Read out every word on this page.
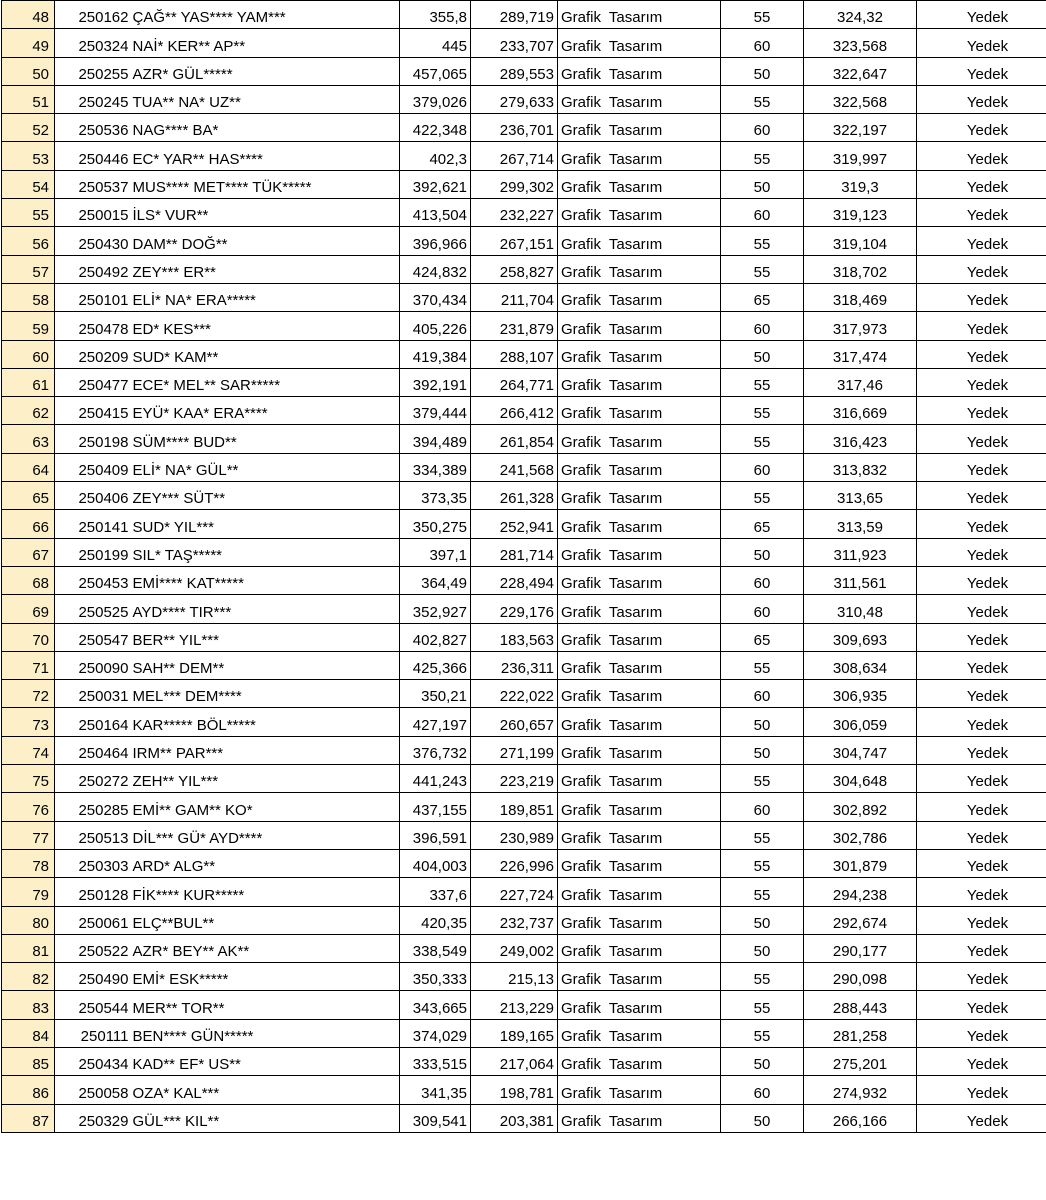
48	250162	ÇAĞ** YAS**** YAM***	355,8	289,719	Grafik Tasarım	55	324,32	Yedek
49	250324	NAİ* KER** AP**	445	233,707	Grafik Tasarım	60	323,568	Yedek
50	250255	AZR* GÜL*****	457,065	289,553	Grafik Tasarım	50	322,647	Yedek
51	250245	TUA** NA* UZ**	379,026	279,633	Grafik Tasarım	55	322,568	Yedek
52	250536	NAG**** BA*	422,348	236,701	Grafik Tasarım	60	322,197	Yedek
53	250446	EC* YAR** HAS****	402,3	267,714	Grafik Tasarım	55	319,997	Yedek
54	250537	MUS**** MET**** TÜK*****	392,621	299,302	Grafik Tasarım	50	319,3	Yedek
55	250015	İLS* VUR**	413,504	232,227	Grafik Tasarım	60	319,123	Yedek
56	250430	DAM** DOĞ**	396,966	267,151	Grafik Tasarım	55	319,104	Yedek
57	250492	ZEY*** ER**	424,832	258,827	Grafik Tasarım	55	318,702	Yedek
58	250101	ELİ* NA* ERA*****	370,434	211,704	Grafik Tasarım	65	318,469	Yedek
59	250478	ED* KES***	405,226	231,879	Grafik Tasarım	60	317,973	Yedek
60	250209	SUD* KAM**	419,384	288,107	Grafik Tasarım	50	317,474	Yedek
61	250477	ECE* MEL** SAR*****	392,191	264,771	Grafik Tasarım	55	317,46	Yedek
62	250415	EYÜ* KAA* ERA****	379,444	266,412	Grafik Tasarım	55	316,669	Yedek
63	250198	SÜM**** BUD**	394,489	261,854	Grafik Tasarım	55	316,423	Yedek
64	250409	ELİ* NA* GÜL**	334,389	241,568	Grafik Tasarım	60	313,832	Yedek
65	250406	ZEY*** SÜT**	373,35	261,328	Grafik Tasarım	55	313,65	Yedek
66	250141	SUD* YIL***	350,275	252,941	Grafik Tasarım	65	313,59	Yedek
67	250199	SIL* TAŞ*****	397,1	281,714	Grafik Tasarım	50	311,923	Yedek
68	250453	EMİ**** KAT*****	364,49	228,494	Grafik Tasarım	60	311,561	Yedek
69	250525	AYD**** TIR***	352,927	229,176	Grafik Tasarım	60	310,48	Yedek
70	250547	BER** YIL***	402,827	183,563	Grafik Tasarım	65	309,693	Yedek
71	250090	SAH** DEM**	425,366	236,311	Grafik Tasarım	55	308,634	Yedek
72	250031	MEL*** DEM****	350,21	222,022	Grafik Tasarım	60	306,935	Yedek
73	250164	KAR***** BÖL*****	427,197	260,657	Grafik Tasarım	50	306,059	Yedek
74	250464	IRM** PAR***	376,732	271,199	Grafik Tasarım	50	304,747	Yedek
75	250272	ZEH** YIL***	441,243	223,219	Grafik Tasarım	55	304,648	Yedek
76	250285	EMİ** GAM** KO*	437,155	189,851	Grafik Tasarım	60	302,892	Yedek
77	250513	DİL*** GÜ* AYD****	396,591	230,989	Grafik Tasarım	55	302,786	Yedek
78	250303	ARD* ALG**	404,003	226,996	Grafik Tasarım	55	301,879	Yedek
79	250128	FİK**** KUR*****	337,6	227,724	Grafik Tasarım	55	294,238	Yedek
80	250061	ELÇ**BUL**	420,35	232,737	Grafik Tasarım	50	292,674	Yedek
81	250522	AZR* BEY** AK**	338,549	249,002	Grafik Tasarım	50	290,177	Yedek
82	250490	EMİ* ESK*****	350,333	215,13	Grafik Tasarım	55	290,098	Yedek
83	250544	MER** TOR**	343,665	213,229	Grafik Tasarım	55	288,443	Yedek
84	250111	BEN**** GÜN*****	374,029	189,165	Grafik Tasarım	55	281,258	Yedek
85	250434	KAD** EF* US**	333,515	217,064	Grafik Tasarım	50	275,201	Yedek
86	250058	OZA* KAL***	341,35	198,781	Grafik Tasarım	60	274,932	Yedek
87	250329	GÜL*** KIL**	309,541	203,381	Grafik Tasarım	50	266,166	Yedek
